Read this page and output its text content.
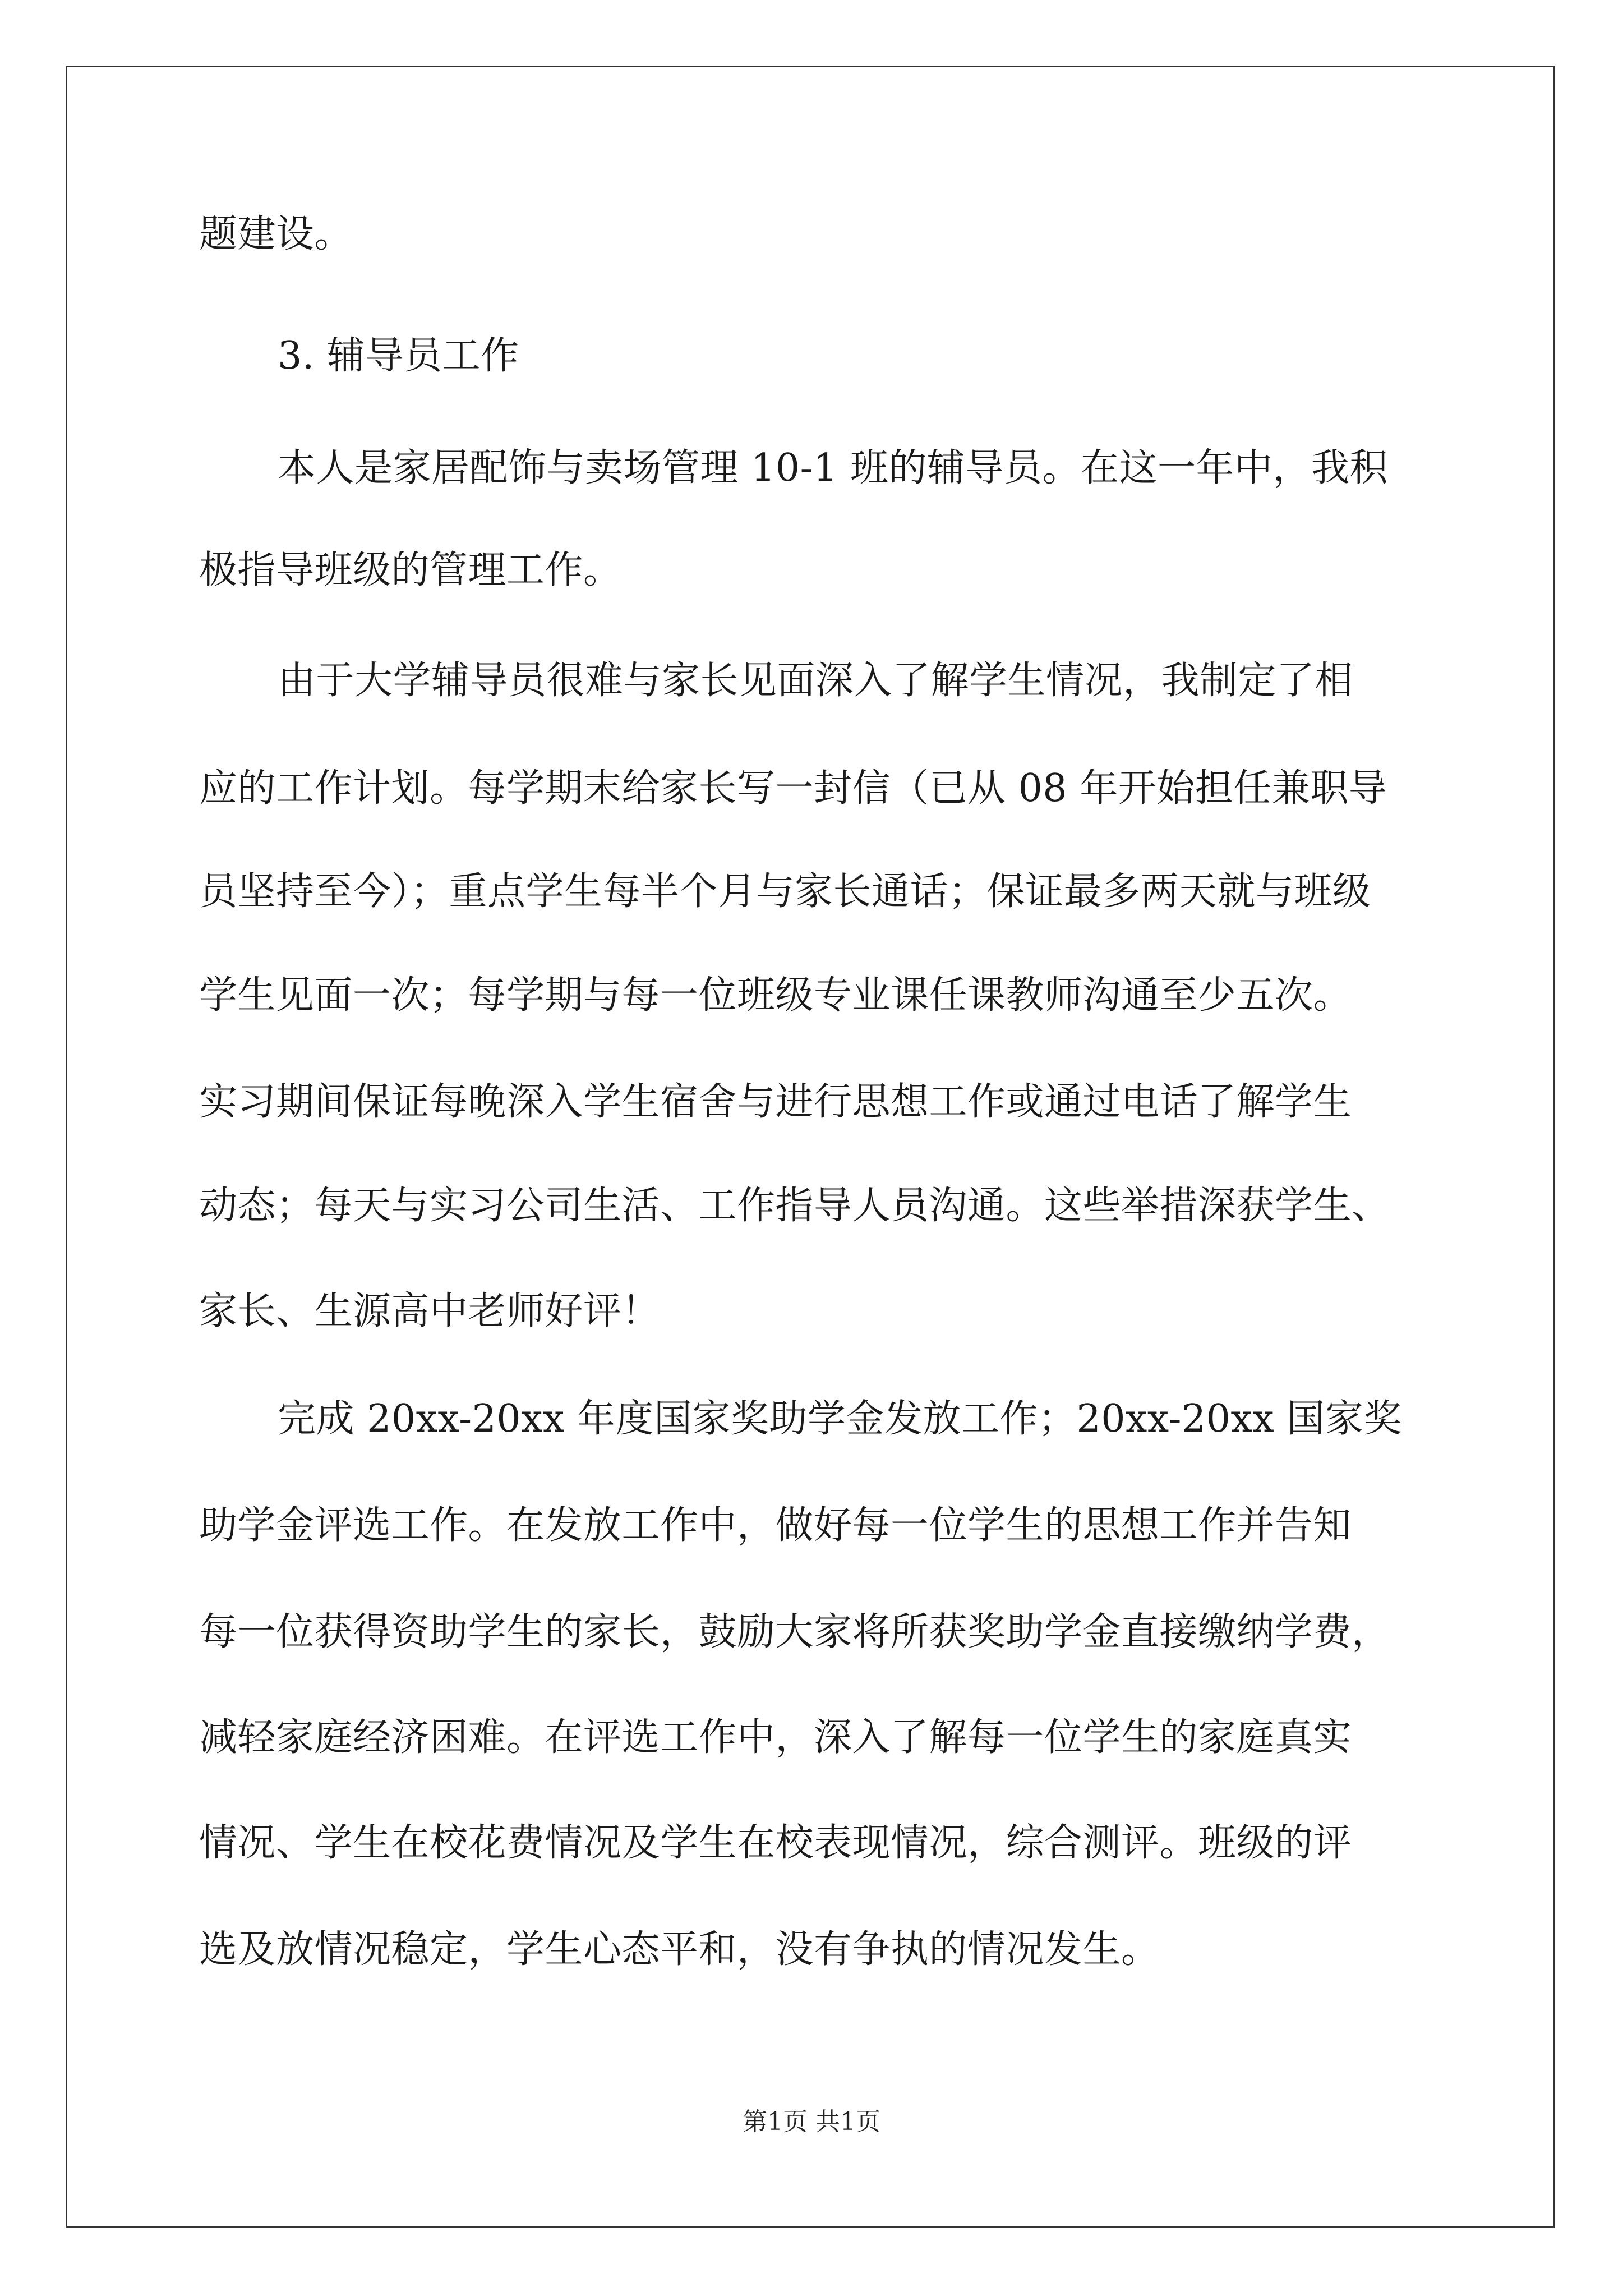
题建设。
3. 辅导员工作
本人是家居配饰与卖场管理 10-1 班的辅导员。在这一年中，我积
极指导班级的管理工作。
由于大学辅导员很难与家长见面深入了解学生情况，我制定了相
应的工作计划。每学期末给家长写一封信（已从 08 年开始担任兼职导
员坚持至今）；重点学生每半个月与家长通话；保证最多两天就与班级
学生见面一次；每学期与每一位班级专业课任课教师沟通至少五次。
实习期间保证每晚深入学生宿舍与进行思想工作或通过电话了解学生
动态；每天与实习公司生活、工作指导人员沟通。这些举措深获学生、
家长、生源高中老师好评！
完成 20xx-20xx 年度国家奖助学金发放工作；20xx-20xx 国家奖
助学金评选工作。在发放工作中，做好每一位学生的思想工作并告知
每一位获得资助学生的家长，鼓励大家将所获奖助学金直接缴纳学费，
减轻家庭经济困难。在评选工作中，深入了解每一位学生的家庭真实
情况、学生在校花费情况及学生在校表现情况，综合测评。班级的评
选及放情况稳定，学生心态平和，没有争执的情况发生。
第1页 共1页
